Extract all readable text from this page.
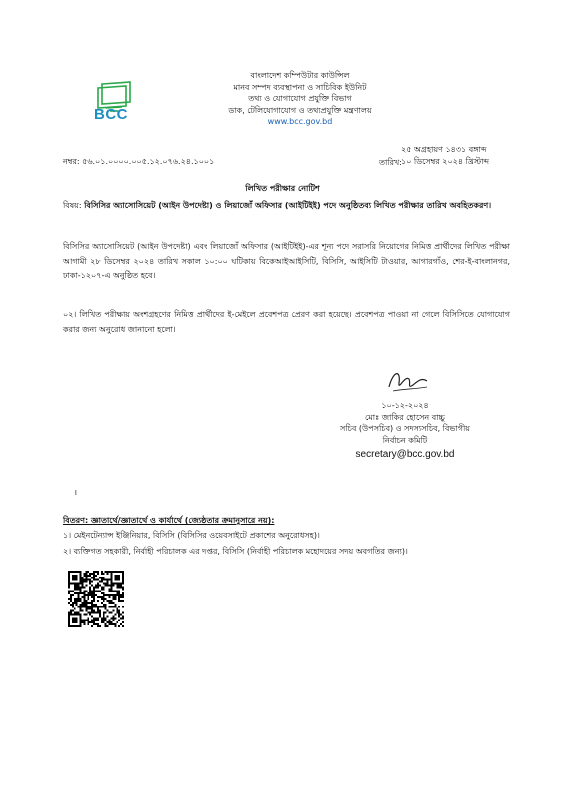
BCC
বাংলাদেশ কম্পিউটার কাউন্সিল
মানব সম্পদ ব্যবস্থাপনা ও সাচিবিক ইউনিট
তথ্য ও যোগাযোগ প্রযুক্তি বিভাগ
ডাক, টেলিযোগাযোগ ও তথ্যপ্রযুক্তি মন্ত্রণালয়
www.bcc.gov.bd
নম্বর: ৫৬.০১.০০০০.০০৫.১২.০৭৬.২৪.১০০১	তারিখ:
২৫ অগ্রহায়ণ ১৪৩১ বঙ্গাব্দ
১০ ডিসেম্বর ২০২৪ খ্রিস্টাব্দ
লিখিত পরীক্ষার নোটিশ
বিষয়: বিসিসির অ্যাসোসিয়েট (আইন উপদেষ্টা) ও লিয়াজোঁ অফিসার (আইটিইই) পদে অনুষ্ঠিতব্য লিখিত পরীক্ষার তারিখ অবহিতকরণ।
বিসিসির অ্যাসোসিয়েট (আইন উপদেষ্টা) এবং লিয়াজোঁ অফিসার (আইটিইই)-এর শূন্য পদে সরাসরি নিয়োগের নিমিত্ত প্রার্থীদের লিখিত পরীক্ষা আগামী ২৮ ডিসেম্বর ২০২৪ তারিখ সকাল ১০:০০ ঘটিকায় বিকেআইআইসিটি, বিসিসি, আইসিটি টাওয়ার, আগারগাঁও, শের-ই-বাংলানগর, ঢাকা-১২০৭-এ অনুষ্ঠিত হবে।
০২। লিখিত পরীক্ষায় অংশগ্রহণের নিমিত্ত প্রার্থীদের ই-মেইলে প্রবেশপত্র প্রেরণ করা হয়েছে। প্রবেশপত্র পাওয়া না গেলে বিসিসিতে যোগাযোগ করার জন্য অনুরোধ জানানো হলো।
১০-১২-২০২৪
মোঃ জাকির হোসেন বাচ্চু
সচিব (উপসচিব) ও সদস্যসচিব, বিভাগীয়
নির্বাচন কমিটি
secretary@bcc.gov.bd
।
বিতরণ: জ্ঞাতার্থে/জ্ঞাতার্থে ও কার্যার্থে (জ্যেষ্ঠতার ক্রমানুসারে নয়):
১। মেইনটেন্যান্স ইঞ্জিনিয়ার, বিসিসি (বিসিসির ওয়েবসাইটে প্রকাশের অনুরোধসহ)।
২। ব্যক্তিগত সহকারী, নির্বাহী পরিচালক এর দপ্তর, বিসিসি (নির্বাহী পরিচালক মহোদয়ের সদয় অবগতির জন্য)।
